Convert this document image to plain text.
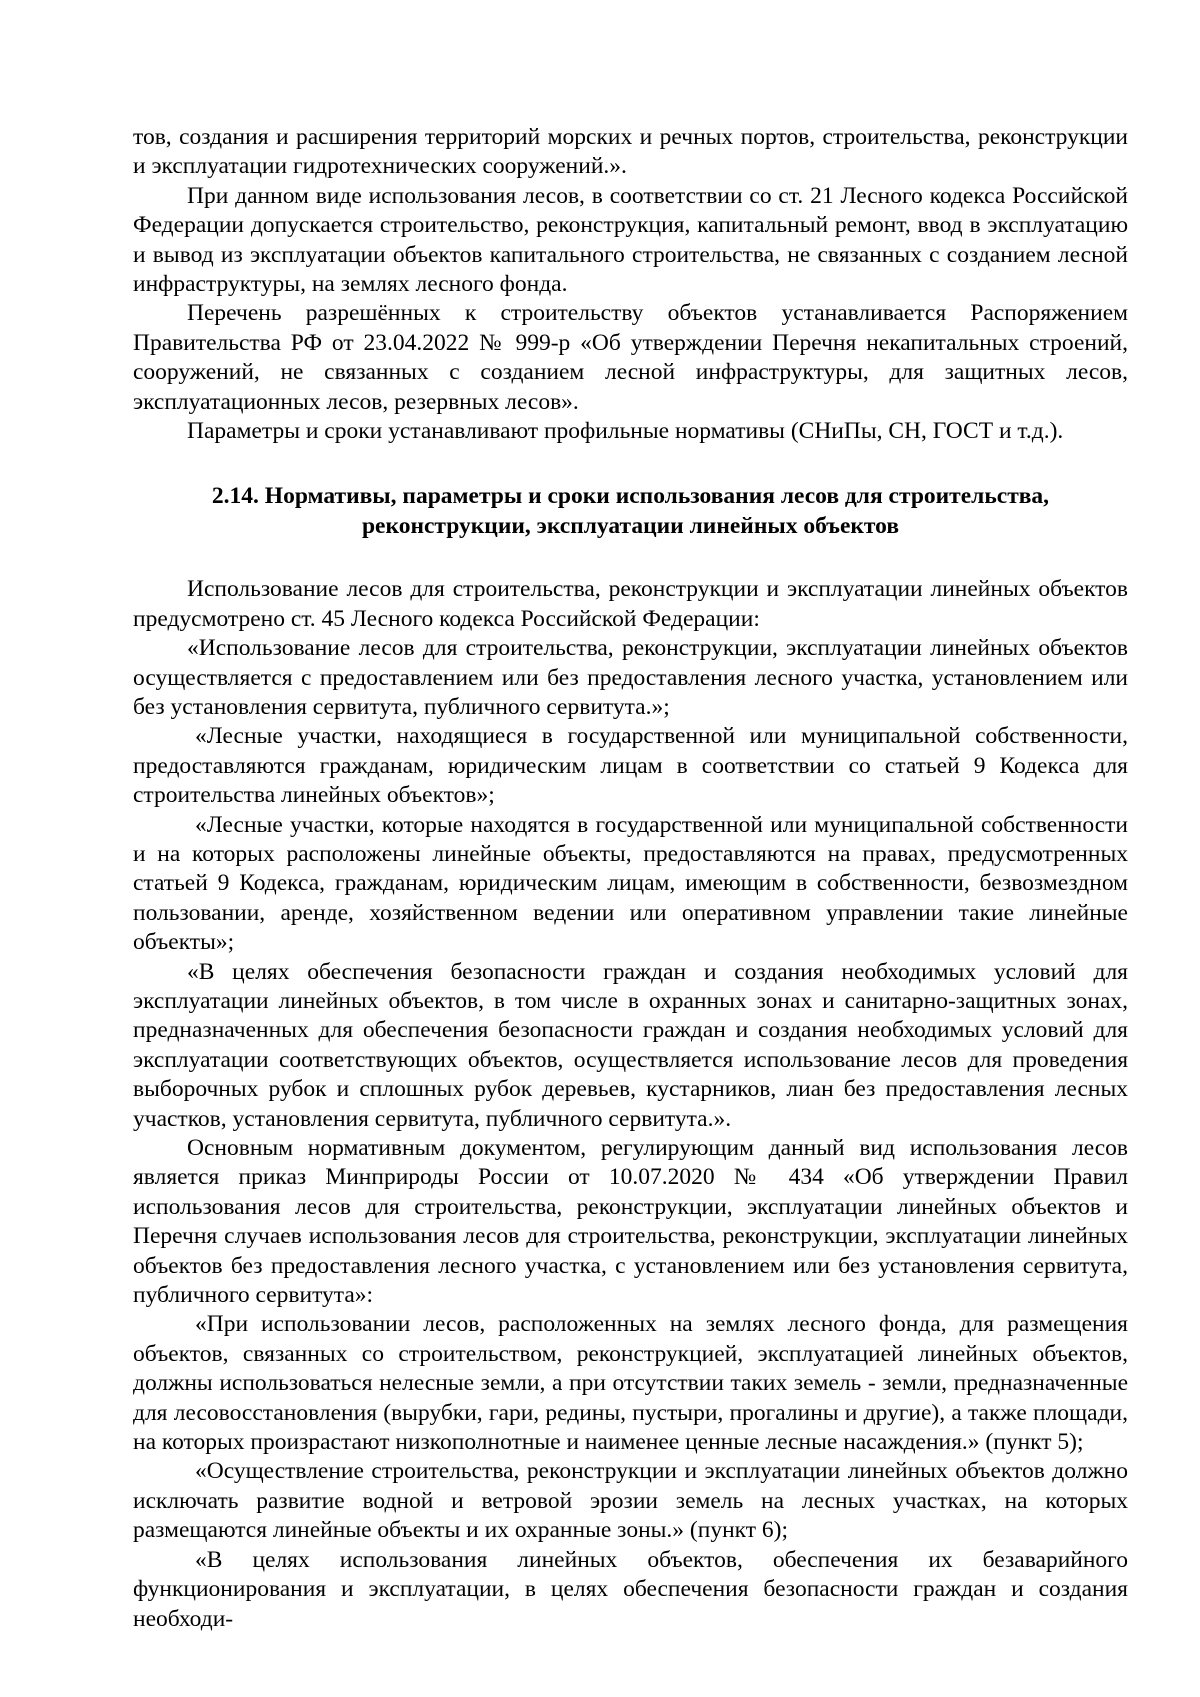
тов, создания и расширения территорий морских и речных портов, строительства, реконструкции и эксплуатации гидротехнических сооружений.».

При данном виде использования лесов, в соответствии со ст. 21 Лесного кодекса Российской Федерации допускается строительство, реконструкция, капитальный ремонт, ввод в эксплуатацию и вывод из эксплуатации объектов капитального строительства, не связанных с созданием лесной инфраструктуры, на землях лесного фонда.

Перечень разрешённых к строительству объектов устанавливается Распоряжением Правительства РФ от 23.04.2022 № 999-р «Об утверждении Перечня некапитальных строений, сооружений, не связанных с созданием лесной инфраструктуры, для защитных лесов, эксплуатационных лесов, резервных лесов».

Параметры и сроки устанавливают профильные нормативы (СНиПы, СН, ГОСТ и т.д.).

2.14. Нормативы, параметры и сроки использования лесов для строительства, реконструкции, эксплуатации линейных объектов

Использование лесов для строительства, реконструкции и эксплуатации линейных объектов предусмотрено ст. 45 Лесного кодекса Российской Федерации:

«Использование лесов для строительства, реконструкции, эксплуатации линейных объектов осуществляется с предоставлением или без предоставления лесного участка, установлением или без установления сервитута, публичного сервитута.»;

«Лесные участки, находящиеся в государственной или муниципальной собственности, предоставляются гражданам, юридическим лицам в соответствии со статьей 9 Кодекса для строительства линейных объектов»;

«Лесные участки, которые находятся в государственной или муниципальной собственности и на которых расположены линейные объекты, предоставляются на правах, предусмотренных статьей 9 Кодекса, гражданам, юридическим лицам, имеющим в собственности, безвозмездном пользовании, аренде, хозяйственном ведении или оперативном управлении такие линейные объекты»;

«В целях обеспечения безопасности граждан и создания необходимых условий для эксплуатации линейных объектов, в том числе в охранных зонах и санитарно-защитных зонах, предназначенных для обеспечения безопасности граждан и создания необходимых условий для эксплуатации соответствующих объектов, осуществляется использование лесов для проведения выборочных рубок и сплошных рубок деревьев, кустарников, лиан без предоставления лесных участков, установления сервитута, публичного сервитута.».

Основным нормативным документом, регулирующим данный вид использования лесов является приказ Минприроды России от 10.07.2020 № 434 «Об утверждении Правил использования лесов для строительства, реконструкции, эксплуатации линейных объектов и Перечня случаев использования лесов для строительства, реконструкции, эксплуатации линейных объектов без предоставления лесного участка, с установлением или без установления сервитута, публичного сервитута»:

«При использовании лесов, расположенных на землях лесного фонда, для размещения объектов, связанных со строительством, реконструкцией, эксплуатацией линейных объектов, должны использоваться нелесные земли, а при отсутствии таких земель - земли, предназначенные для лесовосстановления (вырубки, гари, редины, пустыри, прогалины и другие), а также площади, на которых произрастают низкополнотные и наименее ценные лесные насаждения.» (пункт 5);

«Осуществление строительства, реконструкции и эксплуатации линейных объектов должно исключать развитие водной и ветровой эрозии земель на лесных участках, на которых размещаются линейные объекты и их охранные зоны.» (пункт 6);

«В целях использования линейных объектов, обеспечения их безаварийного функционирования и эксплуатации, в целях обеспечения безопасности граждан и создания необходи-
